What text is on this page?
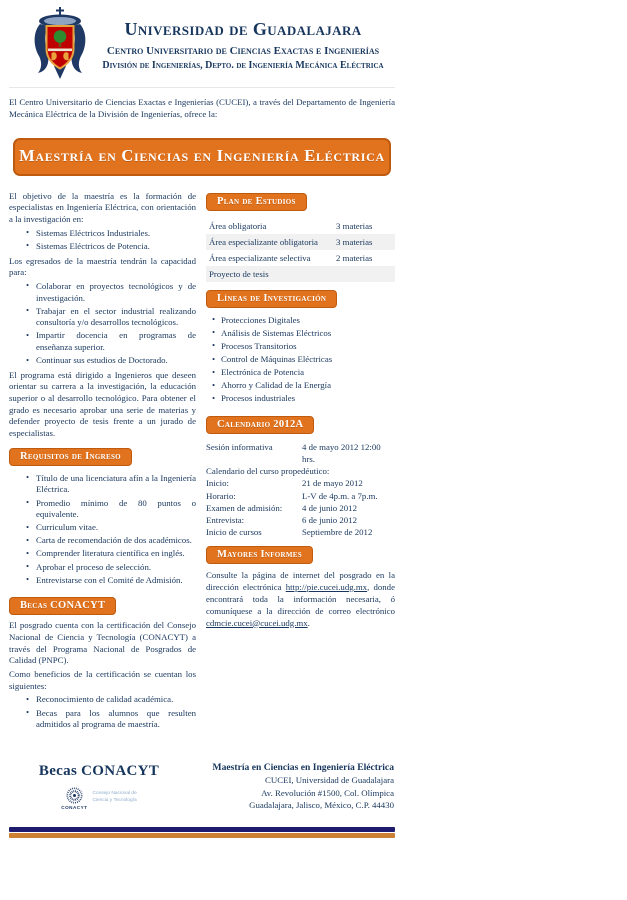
Universidad de Guadalajara
Centro Universitario de Ciencias Exactas e Ingenierías
División de Ingenierías, Depto. de Ingeniería Mecánica Eléctrica

El Centro Universitario de Ciencias Exactas e Ingenierías (CUCEI), a través del Departamento de Ingeniería Mecánica Eléctrica de la División de Ingenierías, ofrece la:

Maestría en Ciencias en Ingeniería Eléctrica

El objetivo de la maestría es la formación de especialistas en Ingeniería Eléctrica, con orientación a la investigación en:

• Sistemas Eléctricos Industriales.
• Sistemas Eléctricos de Potencia.

Los egresados de la maestría tendrán la capacidad para:

• Colaborar en proyectos tecnológicos y de investigación.
• Trabajar en el sector industrial realizando consultoría y/o desarrollos tecnológicos.
• Impartir docencia en programas de enseñanza superior.
• Continuar sus estudios de Doctorado.

El programa está dirigido a Ingenieros que deseen orientar su carrera a la investigación, la educación superior o al desarrollo tecnológico. Para obtener el grado es necesario aprobar una serie de materias y defender proyecto de tesis frente a un jurado de especialistas.

Requisitos de Ingreso
• Título de una licenciatura afín a la Ingeniería Eléctrica.
• Promedio mínimo de 80 puntos o equivalente.
• Curriculum vitae.
• Carta de recomendación de dos académicos.
• Comprender literatura científica en inglés.
• Aprobar el proceso de selección.
• Entrevistarse con el Comité de Admisión.
Becas CONACYT

El posgrado cuenta con la certificación del Consejo Nacional de Ciencia y Tecnología (CONACYT) a través del Programa Nacional de Posgrados de Calidad (PNPC).

Como beneficios de la certificación se cuentan los siguientes:

• Reconocimiento de calidad académica.
• Becas para los alumnos que resulten admitidos al programa de maestría.
Plan de Estudios
Área obligatoria	3 materias
Área especializante obligatoria	3 materias
Área especializante selectiva	2 materias
Proyecto de tesis	
Líneas de Investigación
• Protecciones Digitales
• Análisis de Sistemas Eléctricos
• Procesos Transitorios
• Control de Máquinas Eléctricas
• Electrónica de Potencia
• Ahorro y Calidad de la Energía
• Procesos industriales
Calendario 2012A
Sesión informativa	4 de mayo 2012 12:00 hrs.
Calendario del curso propedéutico:
Inicio:	21 de mayo 2012
Horario:	L-V de 4p.m. a 7p.m.
Examen de admisión:	4 de junio 2012
Entrevista:	6 de junio 2012
Inicio de cursos	Septiembre de 2012
Mayores Informes

Consulte la página de internet del posgrado en la dirección electrónica http://pie.cucei.udg.mx, donde encontrará toda la información necesaria, ó comuníquese a la dirección de correo electrónico cdmcie.cucei@cucei.udg.mx.

Becas CONACYT
CONACYT
Consejo Nacional de
Ciencia y Tecnología
Maestría en Ciencias en Ingeniería Eléctrica
CUCEI, Universidad de Guadalajara
Av. Revolución #1500, Col. Olímpica
Guadalajara, Jalisco, México, C.P. 44430
